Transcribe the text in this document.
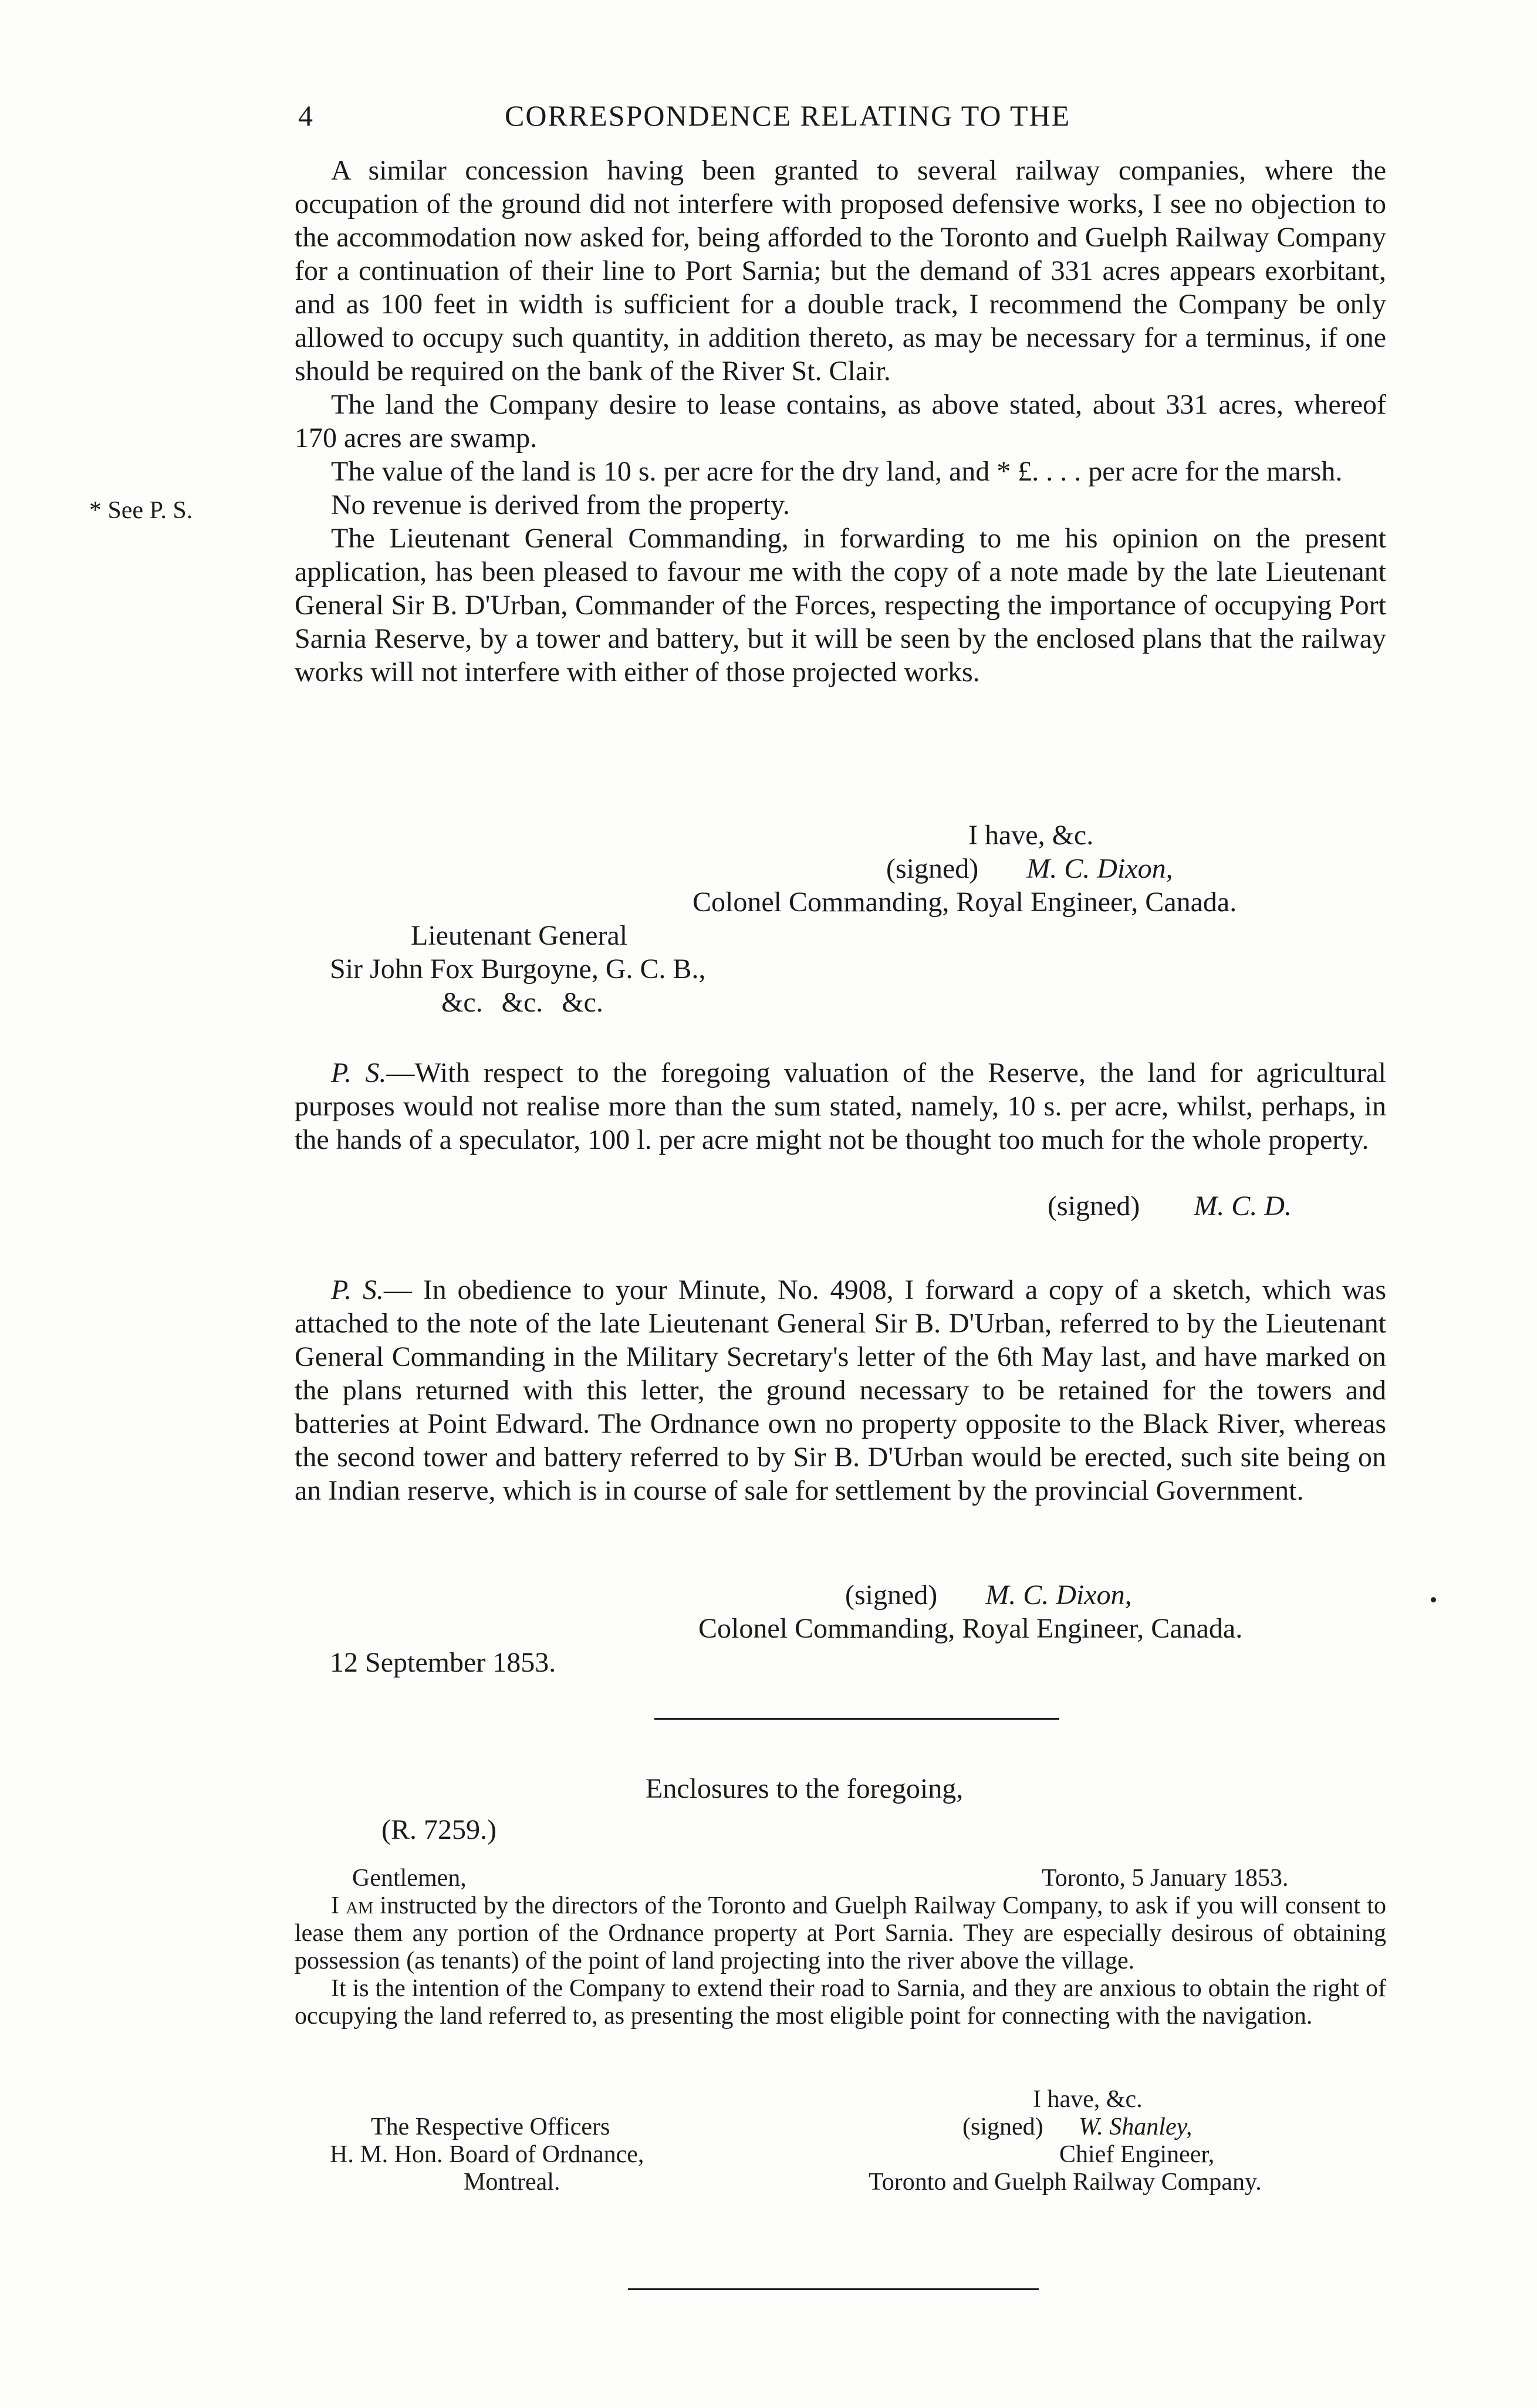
4	CORRESPONDENCE RELATING TO THE
* See P. S.

A similar concession having been granted to several railway companies, where the occupation of the ground did not interfere with proposed defensive works, I see no objection to the accommodation now asked for, being afforded to the Toronto and Guelph Railway Company for a continuation of their line to Port Sarnia; but the demand of 331 acres appears exorbitant, and as 100 feet in width is sufficient for a double track, I recommend the Company be only allowed to occupy such quantity, in addition thereto, as may be necessary for a terminus, if one should be required on the bank of the River St. Clair.

The land the Company desire to lease contains, as above stated, about 331 acres, whereof 170 acres are swamp.

The value of the land is 10 s. per acre for the dry land, and * £. . . . per acre for the marsh.

No revenue is derived from the property.

The Lieutenant General Commanding, in forwarding to me his opinion on the present application, has been pleased to favour me with the copy of a note made by the late Lieutenant General Sir B. D'Urban, Commander of the Forces, respecting the importance of occupying Port Sarnia Reserve, by a tower and battery, but it will be seen by the enclosed plans that the railway works will not interfere with either of those projected works.

I have, &c.
(signed) M. C. Dixon,
Colonel Commanding, Royal Engineer, Canada.
Lieutenant General
Sir John Fox Burgoyne, G. C. B.,
&c. &c. &c.

P. S.—With respect to the foregoing valuation of the Reserve, the land for agricultural purposes would not realise more than the sum stated, namely, 10 s. per acre, whilst, perhaps, in the hands of a speculator, 100 l. per acre might not be thought too much for the whole property.

(signed) M. C. D.

P. S.— In obedience to your Minute, No. 4908, I forward a copy of a sketch, which was attached to the note of the late Lieutenant General Sir B. D'Urban, referred to by the Lieutenant General Commanding in the Military Secretary's letter of the 6th May last, and have marked on the plans returned with this letter, the ground necessary to be retained for the towers and batteries at Point Edward. The Ordnance own no property opposite to the Black River, whereas the second tower and battery referred to by Sir B. D'Urban would be erected, such site being on an Indian reserve, which is in course of sale for settlement by the provincial Government.

(signed) M. C. Dixon,
Colonel Commanding, Royal Engineer, Canada.
12 September 1853.
Enclosures to the foregoing,
(R. 7259.)
Gentlemen,	Toronto, 5 January 1853.

I am instructed by the directors of the Toronto and Guelph Railway Company, to ask if you will consent to lease them any portion of the Ordnance property at Port Sarnia. They are especially desirous of obtaining possession (as tenants) of the point of land projecting into the river above the village.

It is the intention of the Company to extend their road to Sarnia, and they are anxious to obtain the right of occupying the land referred to, as presenting the most eligible point for connecting with the navigation.

I have, &c.
(signed) W. Shanley,
Chief Engineer,
Toronto and Guelph Railway Company.
The Respective Officers
H. M. Hon. Board of Ordnance,
Montreal.
